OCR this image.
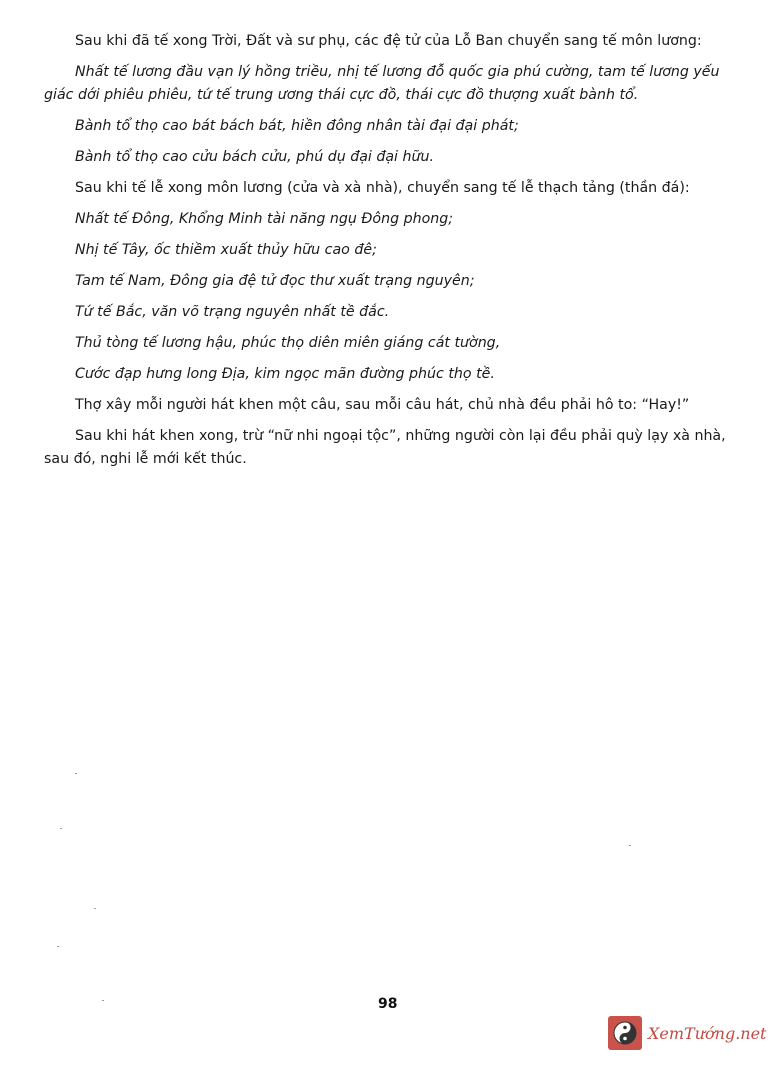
Sau khi đã tế xong Trời, Đất và sư phụ, các đệ tử của Lỗ Ban chuyển sang tế môn lương:

Nhất tế lương đầu vạn lý hồng triều, nhị tế lương đỗ quốc gia phú cường, tam tế lương yếu giác dới phiêu phiêu, tứ tế trung ương thái cực đồ, thái cực đồ thượng xuất bành tổ.

Bành tổ thọ cao bát bách bát, hiền đông nhân tài đại đại phát;

Bành tổ thọ cao cửu bách cửu, phú dụ đại đại hữu.

Sau khi tế lễ xong môn lương (cửa và xà nhà), chuyển sang tế lễ thạch tảng (thần đá):

Nhất tế Đông, Khổng Minh tài năng ngụ Đông phong;

Nhị tế Tây, ốc thiềm xuất thủy hữu cao đê;

Tam tế Nam, Đông gia đệ tử đọc thư xuất trạng nguyên;

Tứ tế Bắc, văn võ trạng nguyên nhất tề đắc.

Thủ tòng tế lương hậu, phúc thọ diên miên giáng cát tường,

Cước đạp hưng long Địa, kim ngọc mãn đường phúc thọ tề.

Thợ xây mỗi người hát khen một câu, sau mỗi câu hát, chủ nhà đều phải hô to: “Hay!”

Sau khi hát khen xong, trừ “nữ nhi ngoại tộc”, những người còn lại đều phải quỳ lạy xà nhà, sau đó, nghi lễ mới kết thúc.

98
XemTướng.net
